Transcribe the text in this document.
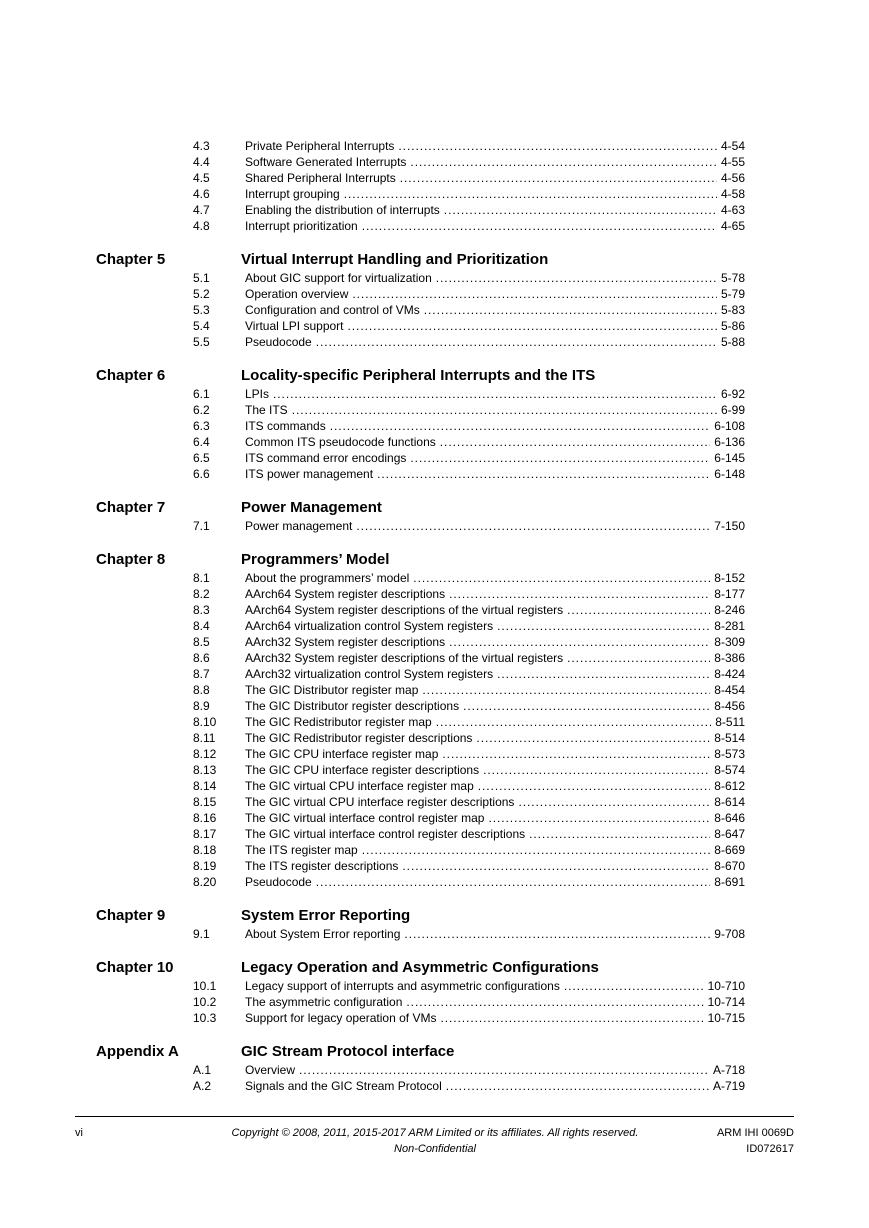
4.3	Private Peripheral Interrupts . . .	4-54
4.4	Software Generated Interrupts . . .	4-55
4.5	Shared Peripheral Interrupts . . .	4-56
4.6	Interrupt grouping . . .	4-58
4.7	Enabling the distribution of interrupts . . .	4-63
4.8	Interrupt prioritization . . .	4-65
Chapter 5	Virtual Interrupt Handling and Prioritization
5.1	About GIC support for virtualization . . .	5-78
5.2	Operation overview . . .	5-79
5.3	Configuration and control of VMs . . .	5-83
5.4	Virtual LPI support . . .	5-86
5.5	Pseudocode . . .	5-88
Chapter 6	Locality-specific Peripheral Interrupts and the ITS
6.1	LPIs . . .	6-92
6.2	The ITS . . .	6-99
6.3	ITS commands . . .	6-108
6.4	Common ITS pseudocode functions . . .	6-136
6.5	ITS command error encodings . . .	6-145
6.6	ITS power management . . .	6-148
Chapter 7	Power Management
7.1	Power management . . .	7-150
Chapter 8	Programmers’ Model
8.1	About the programmers’ model . . .	8-152
8.2	AArch64 System register descriptions . . .	8-177
8.3	AArch64 System register descriptions of the virtual registers . . .	8-246
8.4	AArch64 virtualization control System registers . . .	8-281
8.5	AArch32 System register descriptions . . .	8-309
8.6	AArch32 System register descriptions of the virtual registers . . .	8-386
8.7	AArch32 virtualization control System registers . . .	8-424
8.8	The GIC Distributor register map . . .	8-454
8.9	The GIC Distributor register descriptions . . .	8-456
8.10 The GIC Redistributor register map . . .	8-511
8.11 The GIC Redistributor register descriptions . . .	8-514
8.12 The GIC CPU interface register map . . .	8-573
8.13 The GIC CPU interface register descriptions . . .	8-574
8.14 The GIC virtual CPU interface register map . . .	8-612
8.15 The GIC virtual CPU interface register descriptions . . .	8-614
8.16 The GIC virtual interface control register map . . .	8-646
8.17 The GIC virtual interface control register descriptions . . .	8-647
8.18 The ITS register map . . .	8-669
8.19 The ITS register descriptions . . .	8-670
8.20 Pseudocode . . .	8-691
Chapter 9	System Error Reporting
9.1	About System Error reporting . . .	9-708
Chapter 10	Legacy Operation and Asymmetric Configurations
10.1 Legacy support of interrupts and asymmetric configurations . . .	10-710
10.2 The asymmetric configuration . . .	10-714
10.3 Support for legacy operation of VMs . . .	10-715
Appendix A	GIC Stream Protocol interface
A.1	Overview . . .	A-718
A.2	Signals and the GIC Stream Protocol . . .	A-719
vi	Copyright © 2008, 2011, 2015-2017 ARM Limited or its affiliates. All rights reserved.
Non-Confidential
ARM IHI 0069D
ID072617
